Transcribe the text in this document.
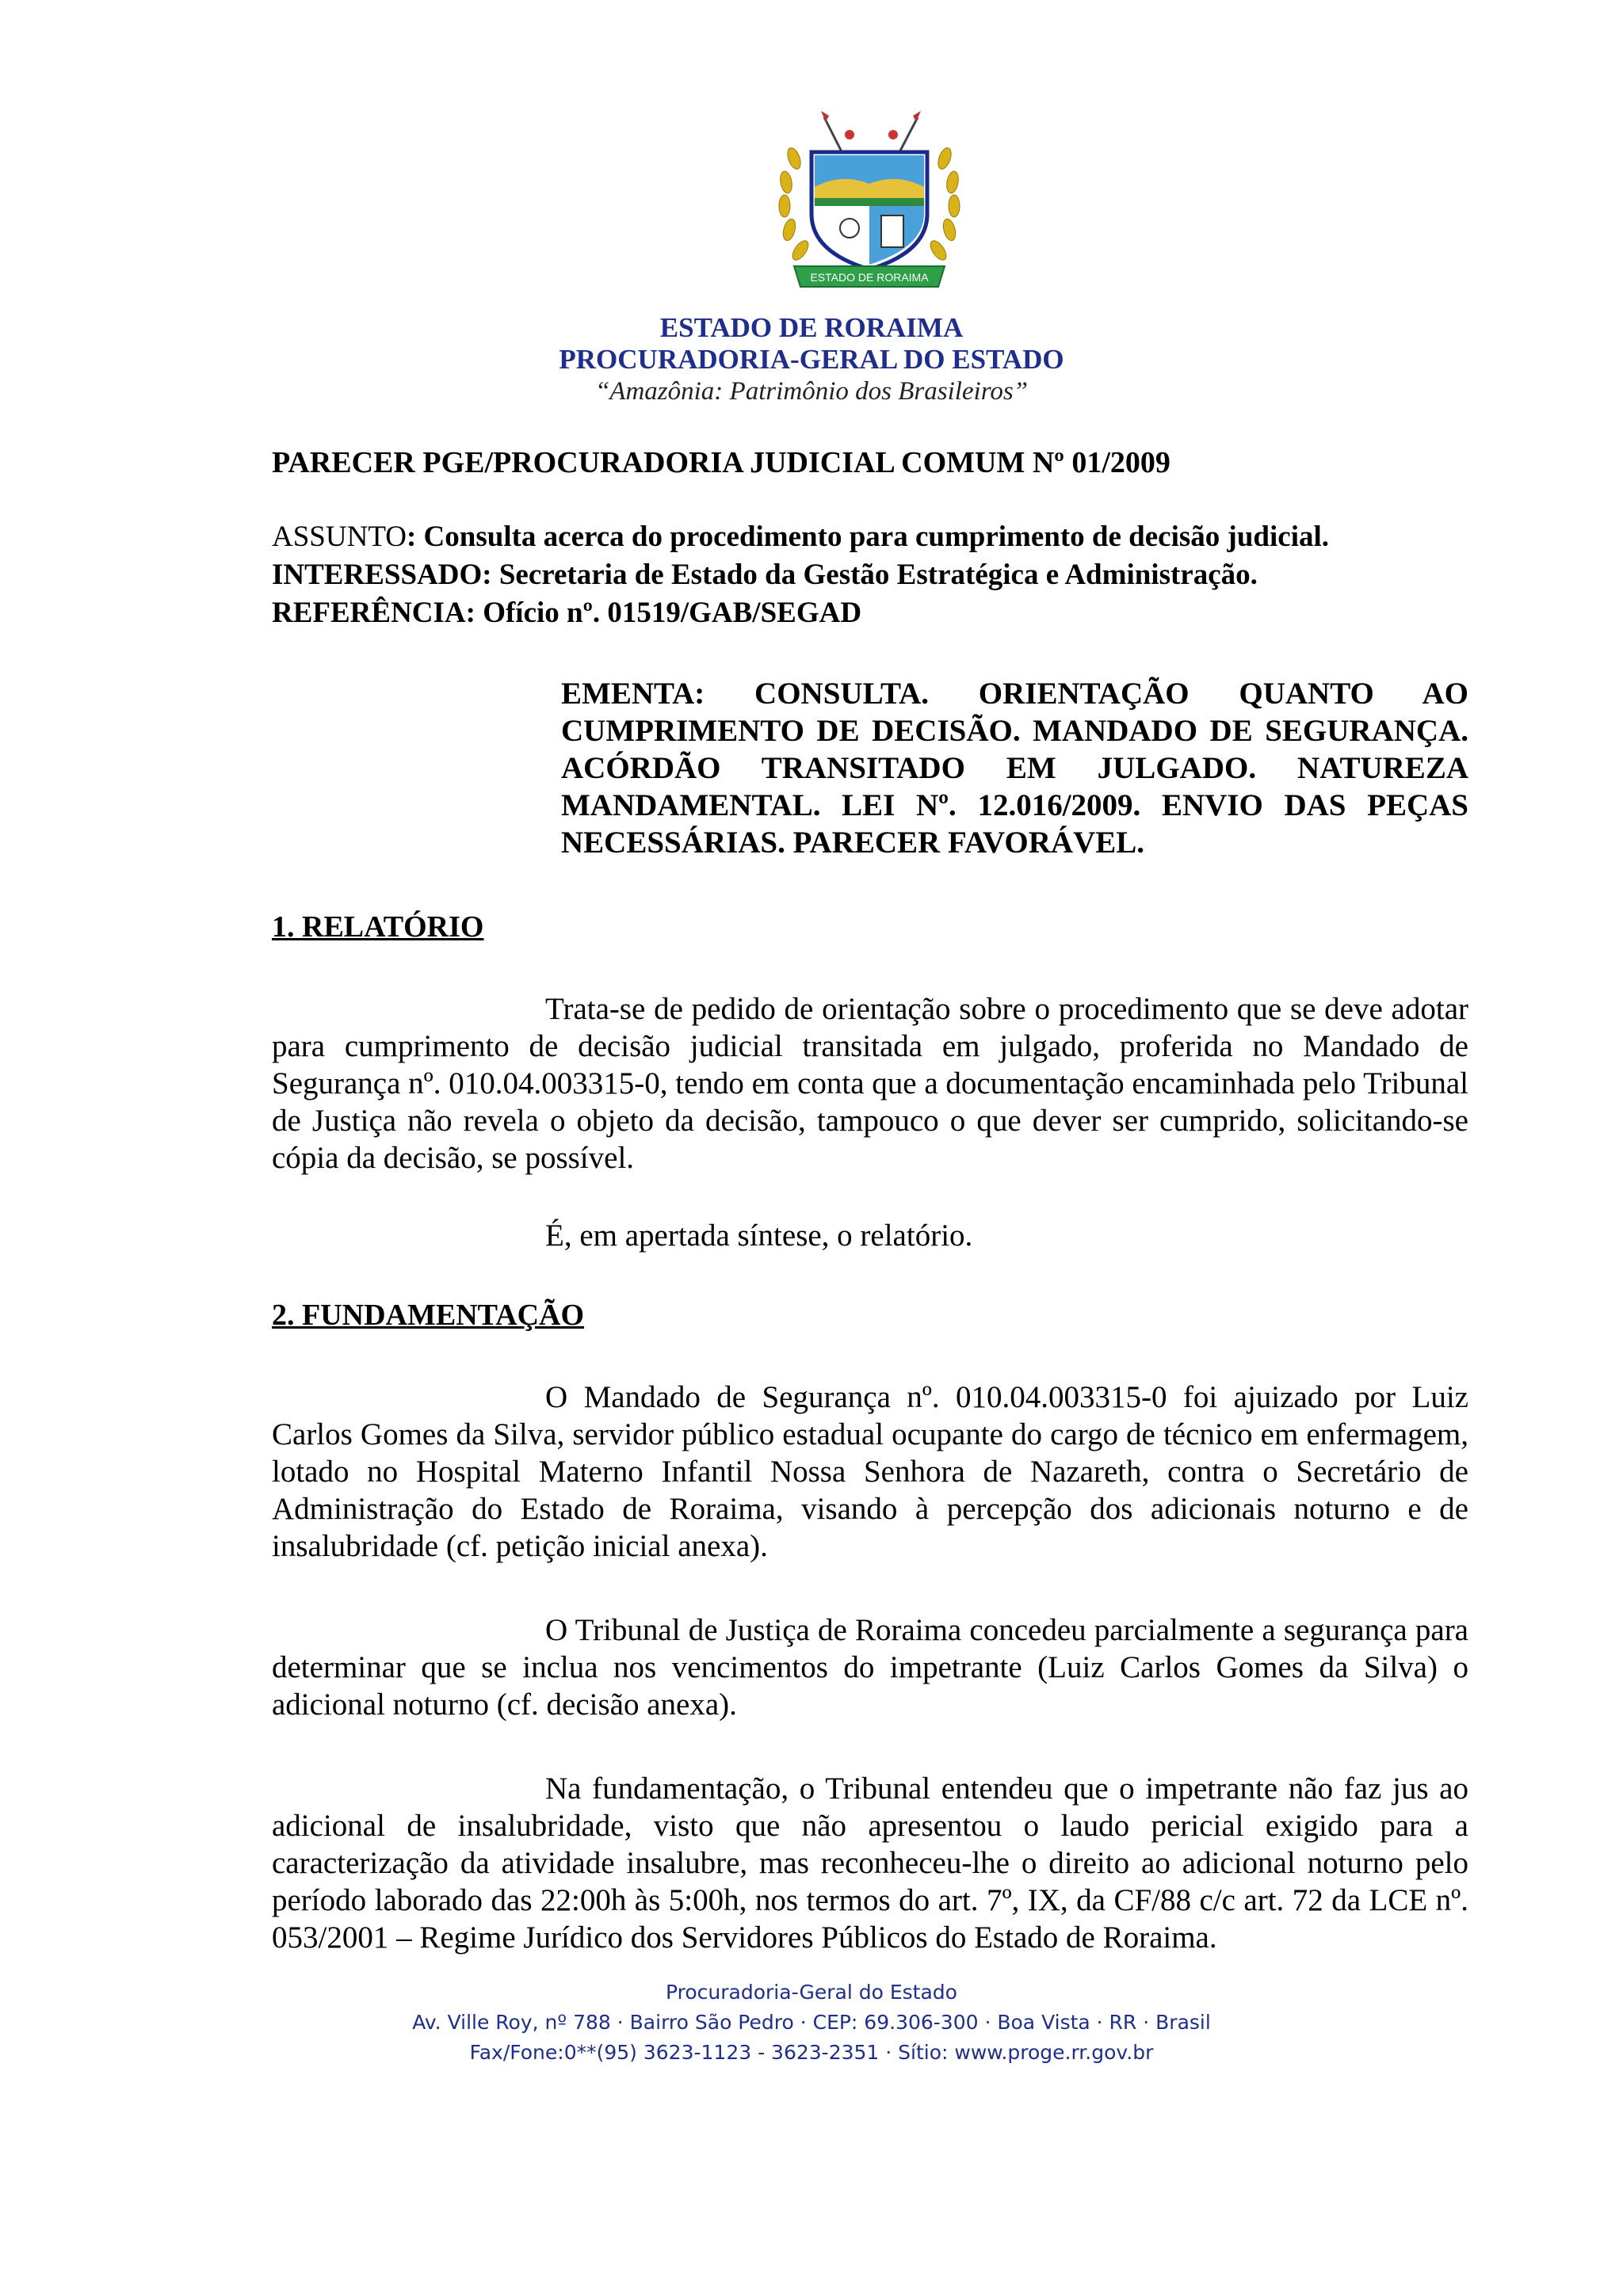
ESTADO DE RORAIMA
ESTADO DE RORAIMA
PROCURADORIA-GERAL DO ESTADO
“Amazônia: Patrimônio dos Brasileiros”
PARECER PGE/PROCURADORIA JUDICIAL COMUM Nº 01/2009
ASSUNTO: Consulta acerca do procedimento para cumprimento de decisão judicial.
INTERESSADO: Secretaria de Estado da Gestão Estratégica e Administração.
REFERÊNCIA: Ofício nº. 01519/GAB/SEGAD
EMENTA: CONSULTA. ORIENTAÇÃO QUANTO AO CUMPRIMENTO DE DECISÃO. MANDADO DE SEGURANÇA. ACÓRDÃO TRANSITADO EM JULGADO. NATUREZA MANDAMENTAL. LEI Nº. 12.016/2009. ENVIO DAS PEÇAS NECESSÁRIAS. PARECER FAVORÁVEL.
1. RELATÓRIO
Trata-se de pedido de orientação sobre o procedimento que se deve adotar para cumprimento de decisão judicial transitada em julgado, proferida no Mandado de Segurança nº. 010.04.003315-0, tendo em conta que a documentação encaminhada pelo Tribunal de Justiça não revela o objeto da decisão, tampouco o que dever ser cumprido, solicitando-se cópia da decisão, se possível.
É, em apertada síntese, o relatório.
2. FUNDAMENTAÇÃO
O Mandado de Segurança nº. 010.04.003315-0 foi ajuizado por Luiz Carlos Gomes da Silva, servidor público estadual ocupante do cargo de técnico em enfermagem, lotado no Hospital Materno Infantil Nossa Senhora de Nazareth, contra o Secretário de Administração do Estado de Roraima, visando à percepção dos adicionais noturno e de insalubridade (cf. petição inicial anexa).
O Tribunal de Justiça de Roraima concedeu parcialmente a segurança para determinar que se inclua nos vencimentos do impetrante (Luiz Carlos Gomes da Silva) o adicional noturno (cf. decisão anexa).
Na fundamentação, o Tribunal entendeu que o impetrante não faz jus ao adicional de insalubridade, visto que não apresentou o laudo pericial exigido para a caracterização da atividade insalubre, mas reconheceu-lhe o direito ao adicional noturno pelo período laborado das 22:00h às 5:00h, nos termos do art. 7º, IX, da CF/88 c/c art. 72 da LCE nº. 053/2001 – Regime Jurídico dos Servidores Públicos do Estado de Roraima.
Procuradoria-Geral do Estado
Av. Ville Roy, nº 788 · Bairro São Pedro · CEP: 69.306-300 · Boa Vista · RR · Brasil
Fax/Fone:0**(95) 3623-1123 - 3623-2351 · Sítio: www.proge.rr.gov.br
